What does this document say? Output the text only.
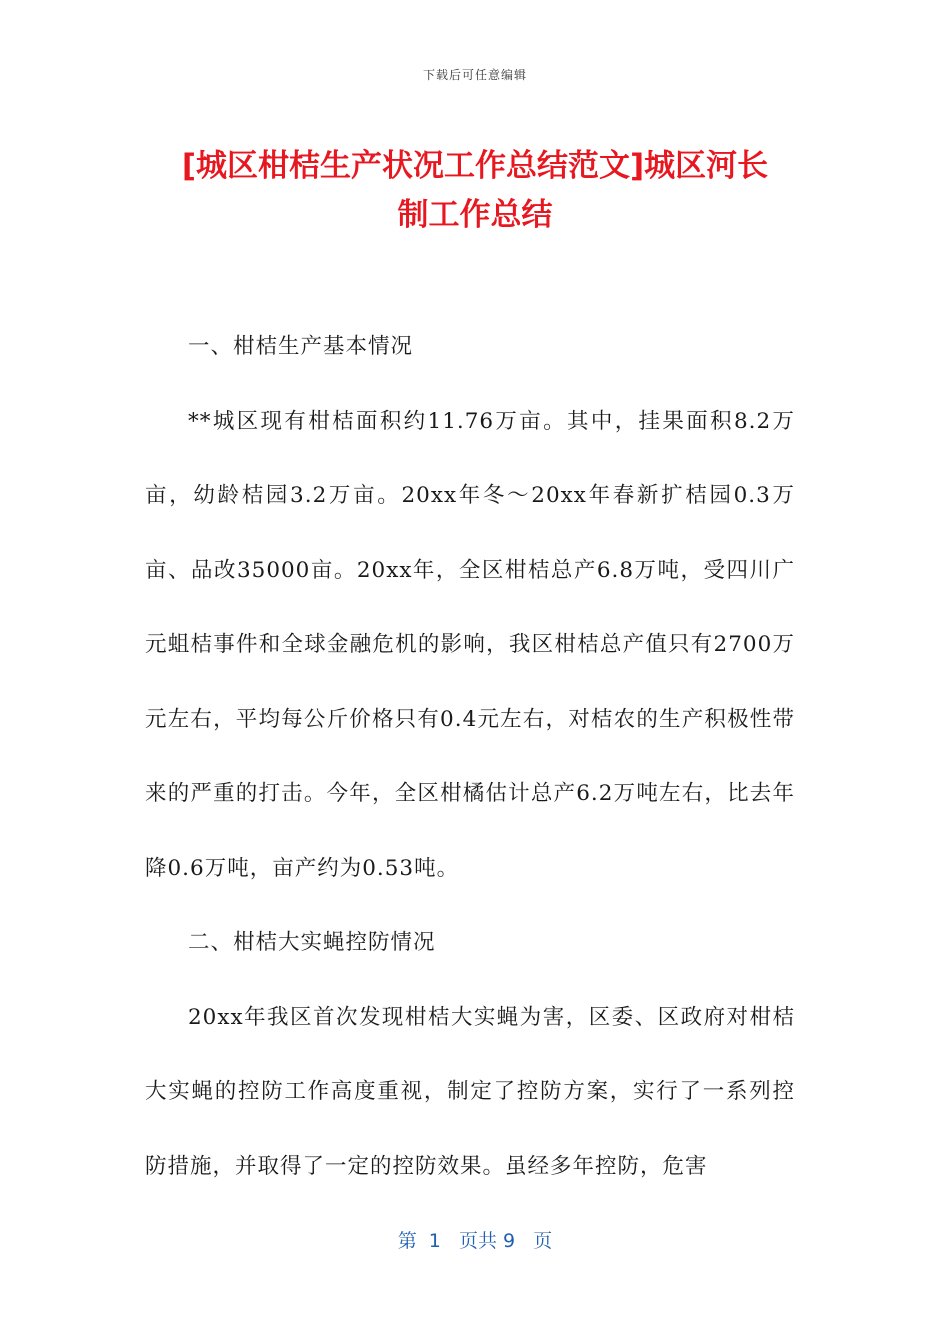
下载后可任意编辑
[城区柑桔生产状况工作总结范文]城区河长
制工作总结

一、柑桔生产基本情况

**城区现有柑桔面积约11.76万亩。其中，挂果面积8.2万亩，幼龄桔园3.2万亩。20xx年冬～20xx年春新扩桔园0.3万亩、品改35000亩。20xx年，全区柑桔总产6.8万吨，受四川广元蛆桔事件和全球金融危机的影响，我区柑桔总产值只有2700万元左右，平均每公斤价格只有0.4元左右，对桔农的生产积极性带来的严重的打击。今年，全区柑橘估计总产6.2万吨左右，比去年降0.6万吨，亩产约为0.53吨。

二、柑桔大实蝇控防情况

20xx年我区首次发现柑桔大实蝇为害，区委、区政府对柑桔大实蝇的控防工作高度重视，制定了控防方案，实行了一系列控防措施，并取得了一定的控防效果。虽经多年控防，危害

第  1   页共 9   页
